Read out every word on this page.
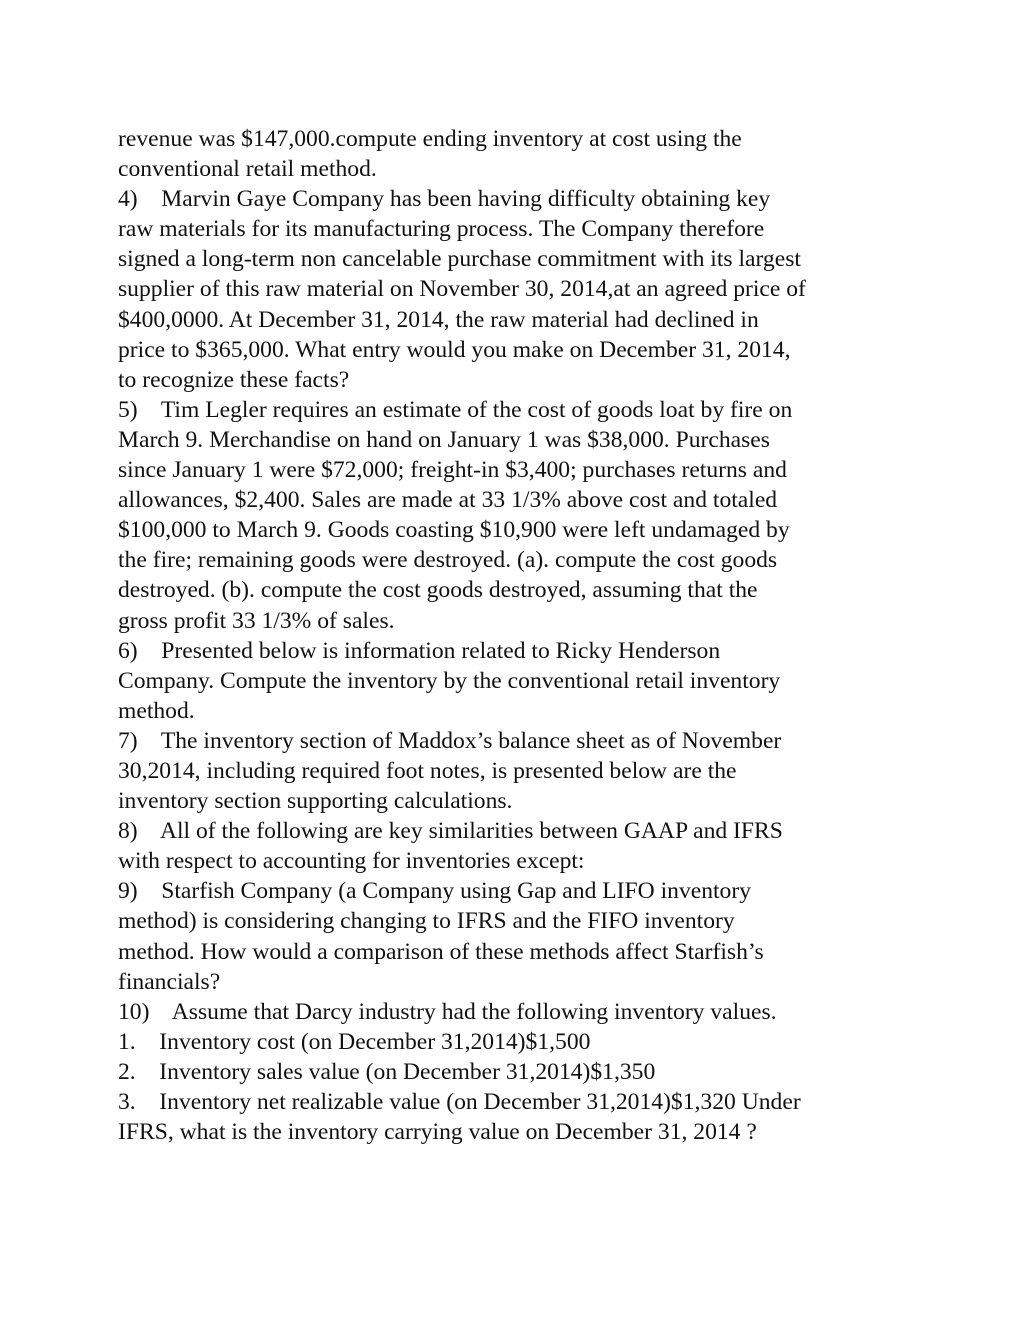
revenue was $147,000.compute ending inventory at cost using the
conventional retail method.
4)    Marvin Gaye Company has been having difficulty obtaining key
raw materials for its manufacturing process. The Company therefore
signed a long-term non cancelable purchase commitment with its largest
supplier of this raw material on November 30, 2014,at an agreed price of
$400,0000. At December 31, 2014, the raw material had declined in
price to $365,000. What entry would you make on December 31, 2014,
to recognize these facts?
5)    Tim Legler requires an estimate of the cost of goods loat by fire on
March 9. Merchandise on hand on January 1 was $38,000. Purchases
since January 1 were $72,000; freight-in $3,400; purchases returns and
allowances, $2,400. Sales are made at 33 1/3% above cost and totaled
$100,000 to March 9. Goods coasting $10,900 were left undamaged by
the fire; remaining goods were destroyed. (a). compute the cost goods
destroyed. (b). compute the cost goods destroyed, assuming that the
gross profit 33 1/3% of sales.
6)    Presented below is information related to Ricky Henderson
Company. Compute the inventory by the conventional retail inventory
method.
7)    The inventory section of Maddox’s balance sheet as of November
30,2014, including required foot notes, is presented below are the
inventory section supporting calculations.
8)    All of the following are key similarities between GAAP and IFRS
with respect to accounting for inventories except:
9)    Starfish Company (a Company using Gap and LIFO inventory
method) is considering changing to IFRS and the FIFO inventory
method. How would a comparison of these methods affect Starfish’s
financials?
10)    Assume that Darcy industry had the following inventory values.
1.    Inventory cost (on December 31,2014)$1,500
2.    Inventory sales value (on December 31,2014)$1,350
3.    Inventory net realizable value (on December 31,2014)$1,320 Under
IFRS, what is the inventory carrying value on December 31, 2014 ?
